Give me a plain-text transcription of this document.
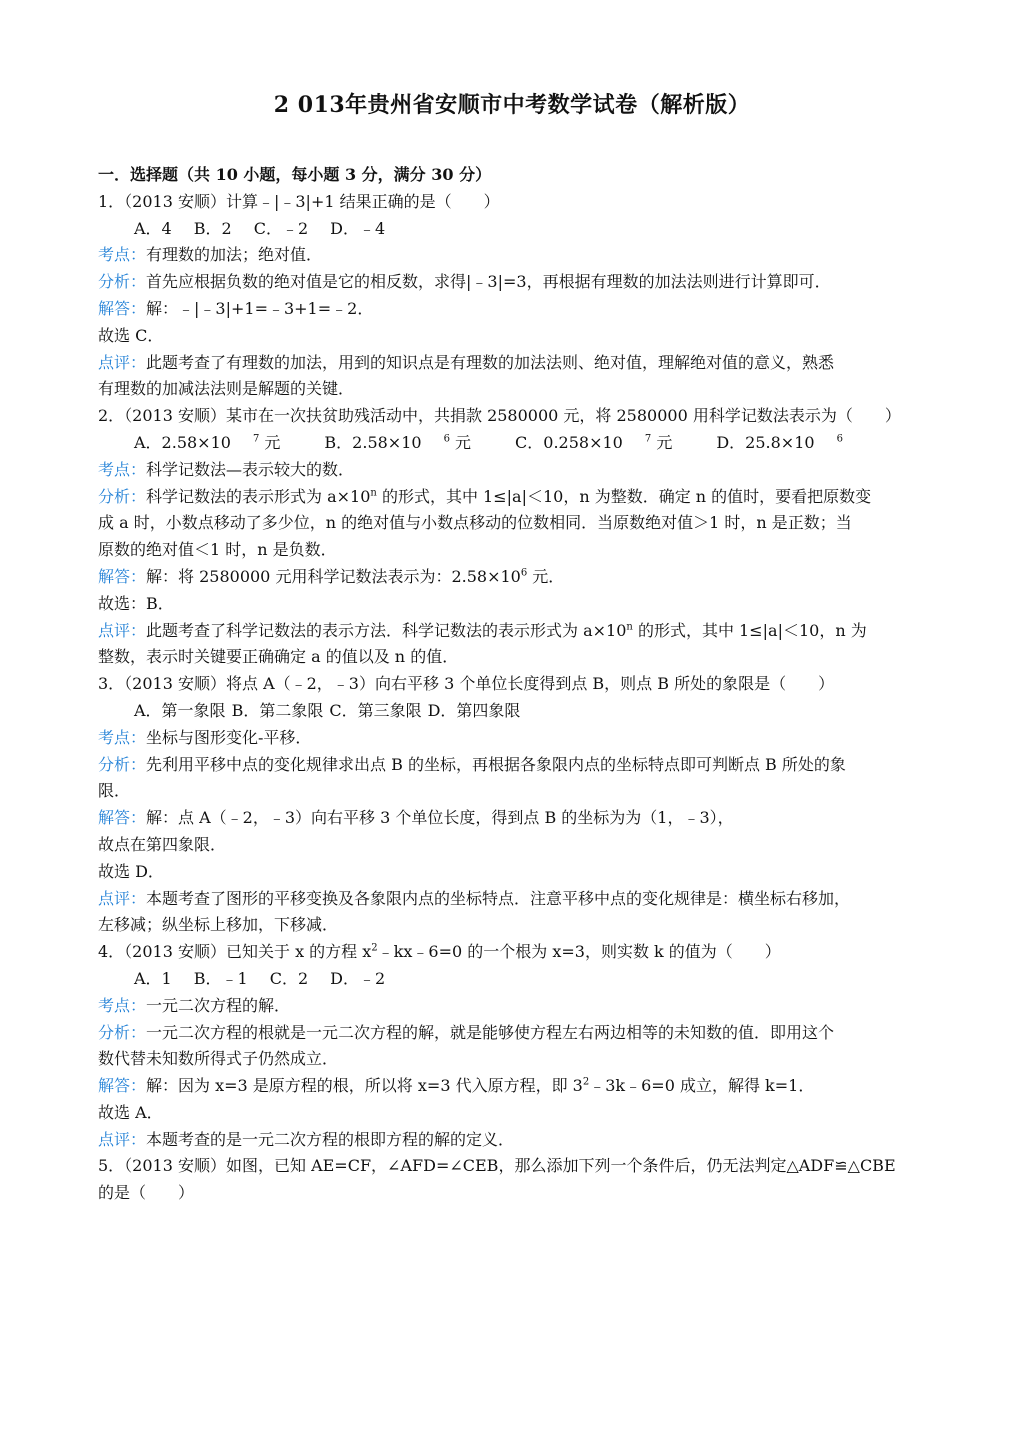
2 013年贵州省安顺市中考数学试卷（解析版）
一．选择题（共 10 小题，每小题 3 分，满分 30 分）
1．（2013 安顺）计算﹣|﹣3|+1 结果正确的是（　　）
A．4 B．2 C．﹣2 D．﹣4
考点：有理数的加法；绝对值．
分析：首先应根据负数的绝对值是它的相反数，求得|﹣3|=3，再根据有理数的加法法则进行计算即可．
解答：解：﹣|﹣3|+1=﹣3+1=﹣2．
故选 C．
点评：此题考查了有理数的加法，用到的知识点是有理数的加法法则、绝对值，理解绝对值的意义，熟悉
有理数的加减法法则是解题的关键．
2．（2013 安顺）某市在一次扶贫助残活动中，共捐款 2580000 元，将 2580000 用科学记数法表示为（　　）
A．2.58×10 $^7$ 元	B．2.58×10 $^6$ 元	C．0.258×10 $^7$ 元	D．25.8×10 $^6$
考点：科学记数法—表示较大的数．
分析：科学记数法的表示形式为 $a\times 10^n$ 的形式，其中 1≤|a|＜10，n 为整数．确定 n 的值时，要看把原数变
成 a 时，小数点移动了多少位，n 的绝对值与小数点移动的位数相同．当原数绝对值＞1 时，n 是正数；当
原数的绝对值＜1 时，n 是负数．
解答：解：将 2580000 元用科学记数法表示为：$2.58\times 10^6$ 元．
故选：B．
点评：此题考查了科学记数法的表示方法．科学记数法的表示形式为 $a\times 10^n$ 的形式，其中 1≤|a|＜10，n 为
整数，表示时关键要正确确定 a 的值以及 n 的值．
3．（2013 安顺）将点 A（﹣2，﹣3）向右平移 3 个单位长度得到点 B，则点 B 所处的象限是（　　）
A．第一象限 B．第二象限 C．第三象限 D．第四象限
考点：坐标与图形变化-平移．
分析：先利用平移中点的变化规律求出点 B 的坐标，再根据各象限内点的坐标特点即可判断点 B 所处的象
限．
解答：解：点 A（﹣2，﹣3）向右平移 3 个单位长度，得到点 B 的坐标为为（1，﹣3），
故点在第四象限．
故选 D．
点评：本题考查了图形的平移变换及各象限内点的坐标特点．注意平移中点的变化规律是：横坐标右移加，
左移减；纵坐标上移加，下移减．
4．（2013 安顺）已知关于 x 的方程 $x^2﹣kx﹣6=0$ 的一个根为 x=3，则实数 k 的值为（　　）
A．1 B．﹣1 C．2 D．﹣2
考点：一元二次方程的解．
分析：一元二次方程的根就是一元二次方程的解，就是能够使方程左右两边相等的未知数的值．即用这个
数代替未知数所得式子仍然成立．
解答：解：因为 x=3 是原方程的根，所以将 x=3 代入原方程，即 $3^2﹣3k﹣6=0$ 成立，解得 k=1．
故选 A．
点评：本题考查的是一元二次方程的根即方程的解的定义．
5．（2013 安顺）如图，已知 AE=CF，∠AFD=∠CEB，那么添加下列一个条件后，仍无法判定△ADF≌△CBE
的是（　　）
